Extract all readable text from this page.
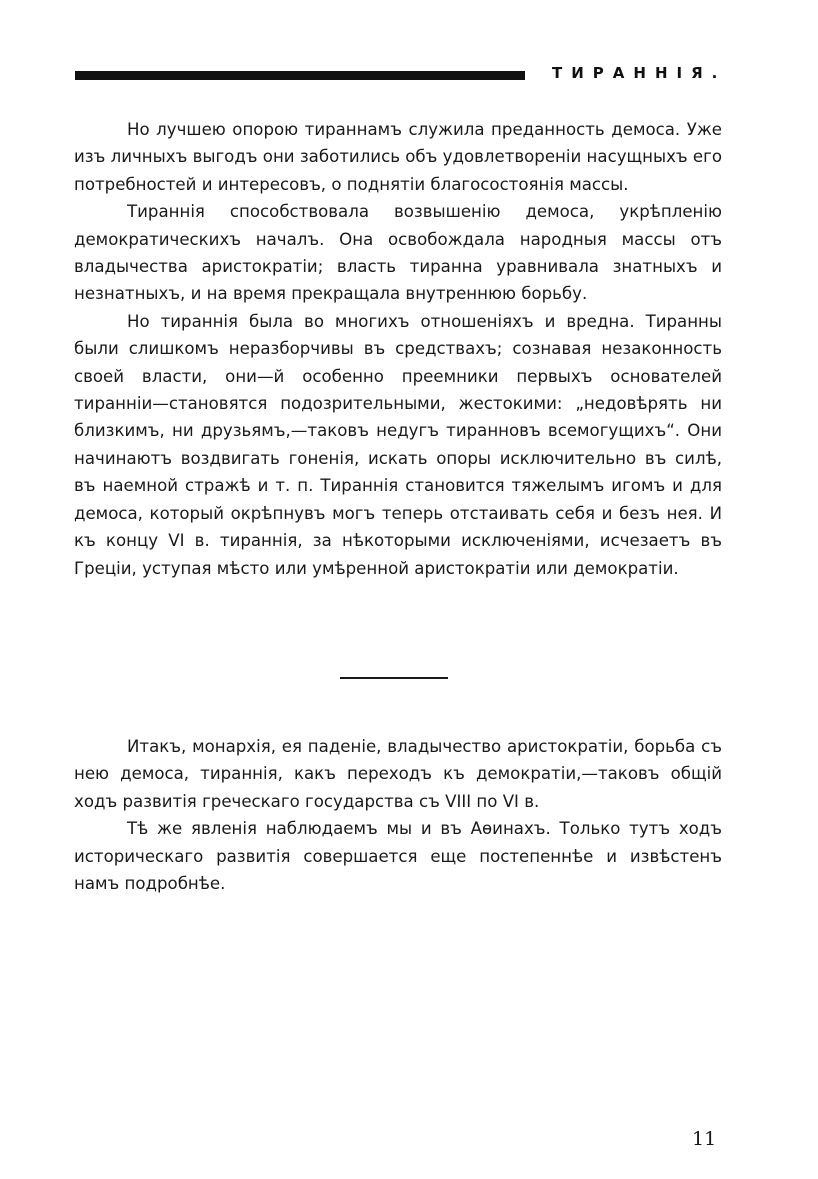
ТИРАННІЯ.

Но лучшею опорою тираннамъ служила преданность демоса. Уже изъ личныхъ выгодъ они заботились объ удовлетвореніи насущныхъ его потребностей и интересовъ, о поднятіи благосостоянія массы.

Тираннія способствовала возвышенію демоса, укрѣпленію демократическихъ началъ. Она освобождала народныя массы отъ владычества аристократіи; власть тиранна уравнивала знатныхъ и незнатныхъ, и на время прекращала внутреннюю борьбу.

Но тираннія была во многихъ отношеніяхъ и вредна. Тиранны были слишкомъ неразборчивы въ средствахъ; сознавая незаконность своей власти, они—й особенно преемники первыхъ основателей тиранніи—становятся подозрительными, жестокими: „недовѣрять ни близкимъ, ни друзьямъ,—таковъ недугъ тиранновъ всемогущихъ“. Они начинаютъ воздвигать гоненія, искать опоры исключительно въ силѣ, въ наемной стражѣ и т. п. Тираннія становится тяжелымъ игомъ и для демоса, который окрѣпнувъ могъ теперь отстаивать себя и безъ нея. И къ концу VI в. тираннія, за нѣкоторыми исключеніями, исчезаетъ въ Греціи, уступая мѣсто или умѣренной аристократіи или демократіи.

Итакъ, монархія, ея паденіе, владычество аристократіи, борьба съ нею демоса, тираннія, какъ переходъ къ демократіи,—таковъ общій ходъ развитія греческаго государства съ VIII по VI в.

Тѣ же явленія наблюдаемъ мы и въ Аѳинахъ. Только тутъ ходъ историческаго развитія совершается еще постепеннѣе и извѣстенъ намъ подробнѣе.

11
